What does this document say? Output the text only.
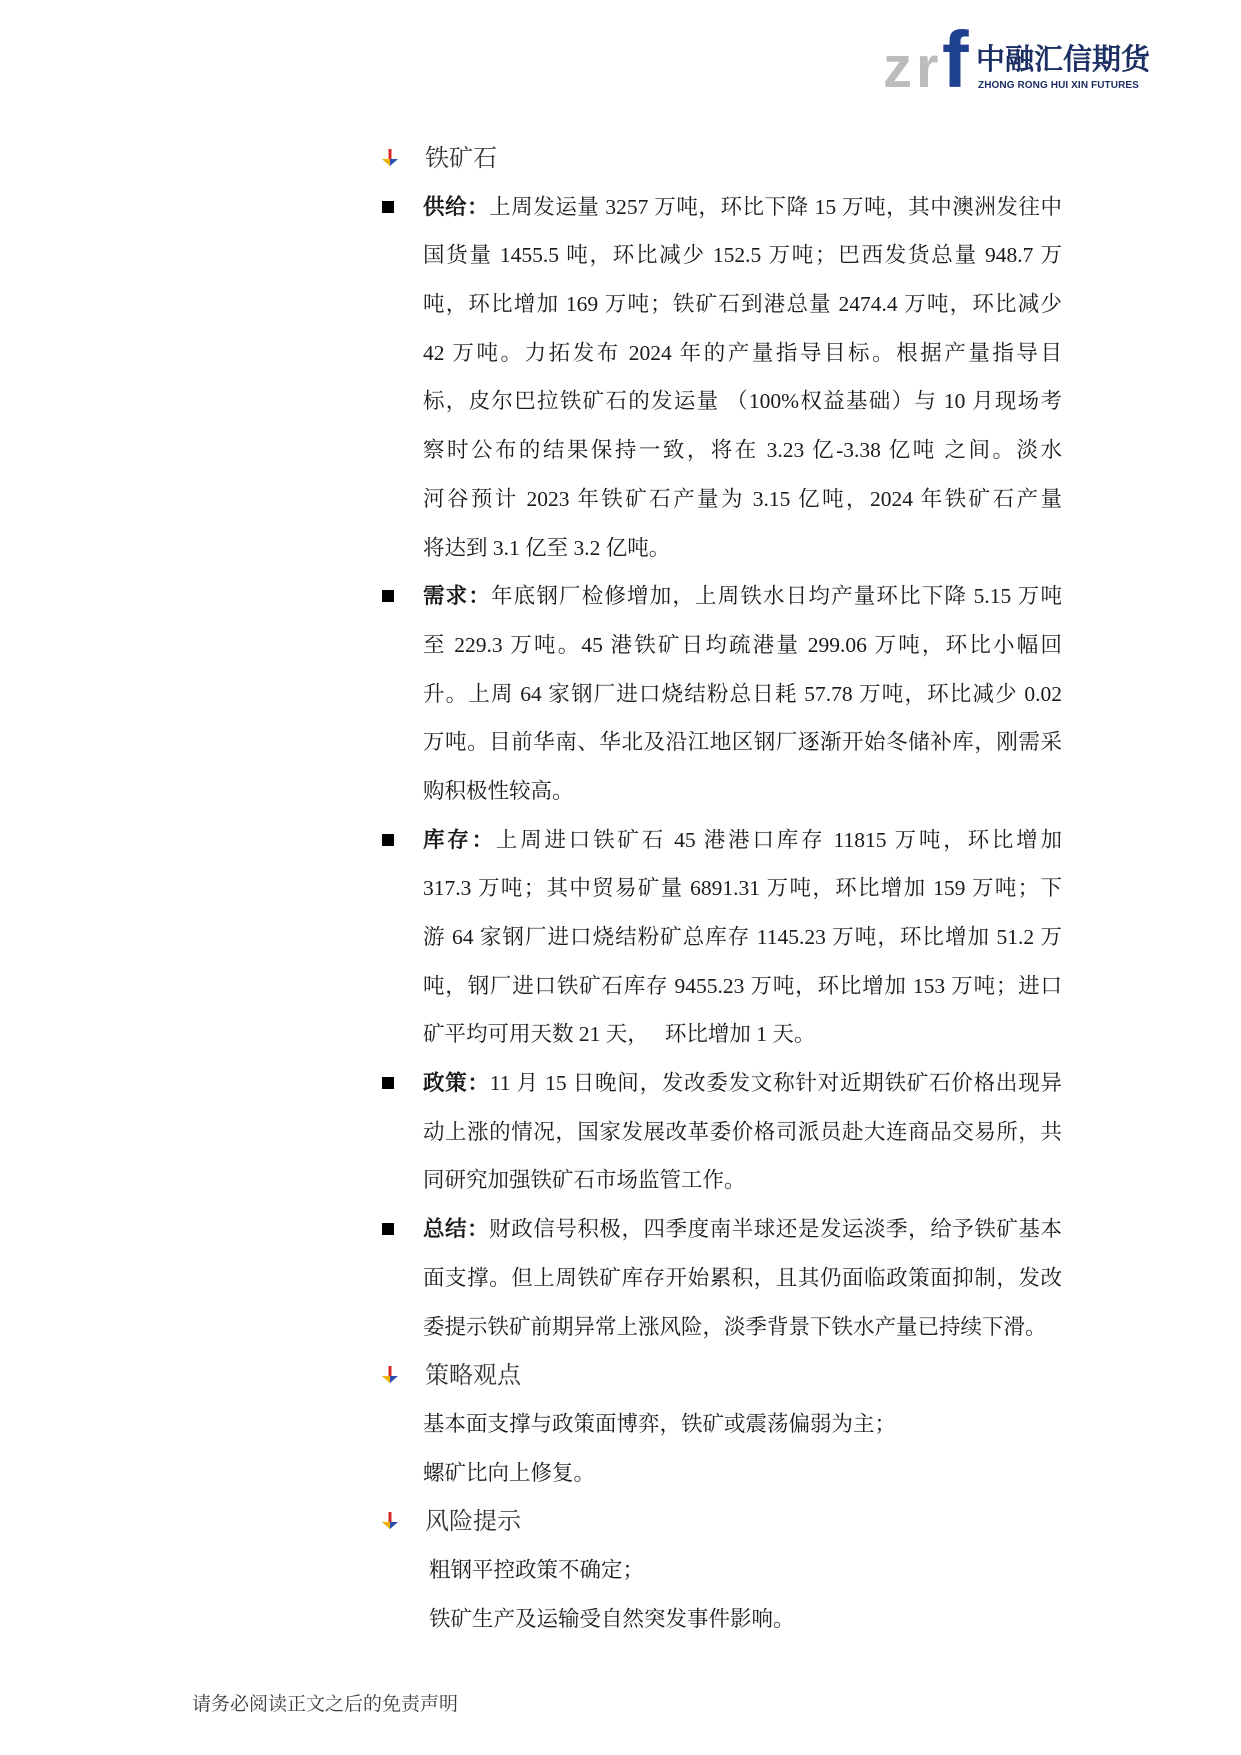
zr f 中融汇信期货
ZHONG RONG HUI XIN FUTURES
铁矿石
供给：上周发运量 3257 万吨，环比下降 15 万吨，其中澳洲发往中
国货量 1455.5 吨，环比减少 152.5 万吨；巴西发货总量 948.7 万
吨，环比增加 169 万吨；铁矿石到港总量 2474.4 万吨，环比减少
42 万吨。力拓发布 2024 年的产量指导目标。根据产量指导目
标，皮尔巴拉铁矿石的发运量 （100%权益基础）与 10 月现场考
察时公布的结果保持一致，将在 3.23 亿-3.38 亿吨 之间。淡水
河谷预计 2023 年铁矿石产量为 3.15 亿吨，2024 年铁矿石产量
将达到 3.1 亿至 3.2 亿吨。
需求：年底钢厂检修增加，上周铁水日均产量环比下降 5.15 万吨
至 229.3 万吨。45 港铁矿日均疏港量 299.06 万吨，环比小幅回
升。上周 64 家钢厂进口烧结粉总日耗 57.78 万吨，环比减少 0.02
万吨。目前华南、华北及沿江地区钢厂逐渐开始冬储补库，刚需采
购积极性较高。
库存：上周进口铁矿石 45 港港口库存 11815 万吨，环比增加
317.3 万吨；其中贸易矿量 6891.31 万吨，环比增加 159 万吨；下
游 64 家钢厂进口烧结粉矿总库存 1145.23 万吨，环比增加 51.2 万
吨，钢厂进口铁矿石库存 9455.23 万吨，环比增加 153 万吨；进口
矿平均可用天数 21 天，   环比增加 1 天。
政策：11 月 15 日晚间，发改委发文称针对近期铁矿石价格出现异
动上涨的情况，国家发展改革委价格司派员赴大连商品交易所，共
同研究加强铁矿石市场监管工作。
总结：财政信号积极，四季度南半球还是发运淡季，给予铁矿基本
面支撑。但上周铁矿库存开始累积，且其仍面临政策面抑制，发改
委提示铁矿前期异常上涨风险，淡季背景下铁水产量已持续下滑。
策略观点
基本面支撑与政策面博弈，铁矿或震荡偏弱为主；
螺矿比向上修复。
风险提示
粗钢平控政策不确定；
铁矿生产及运输受自然突发事件影响。
请务必阅读正文之后的免责声明
